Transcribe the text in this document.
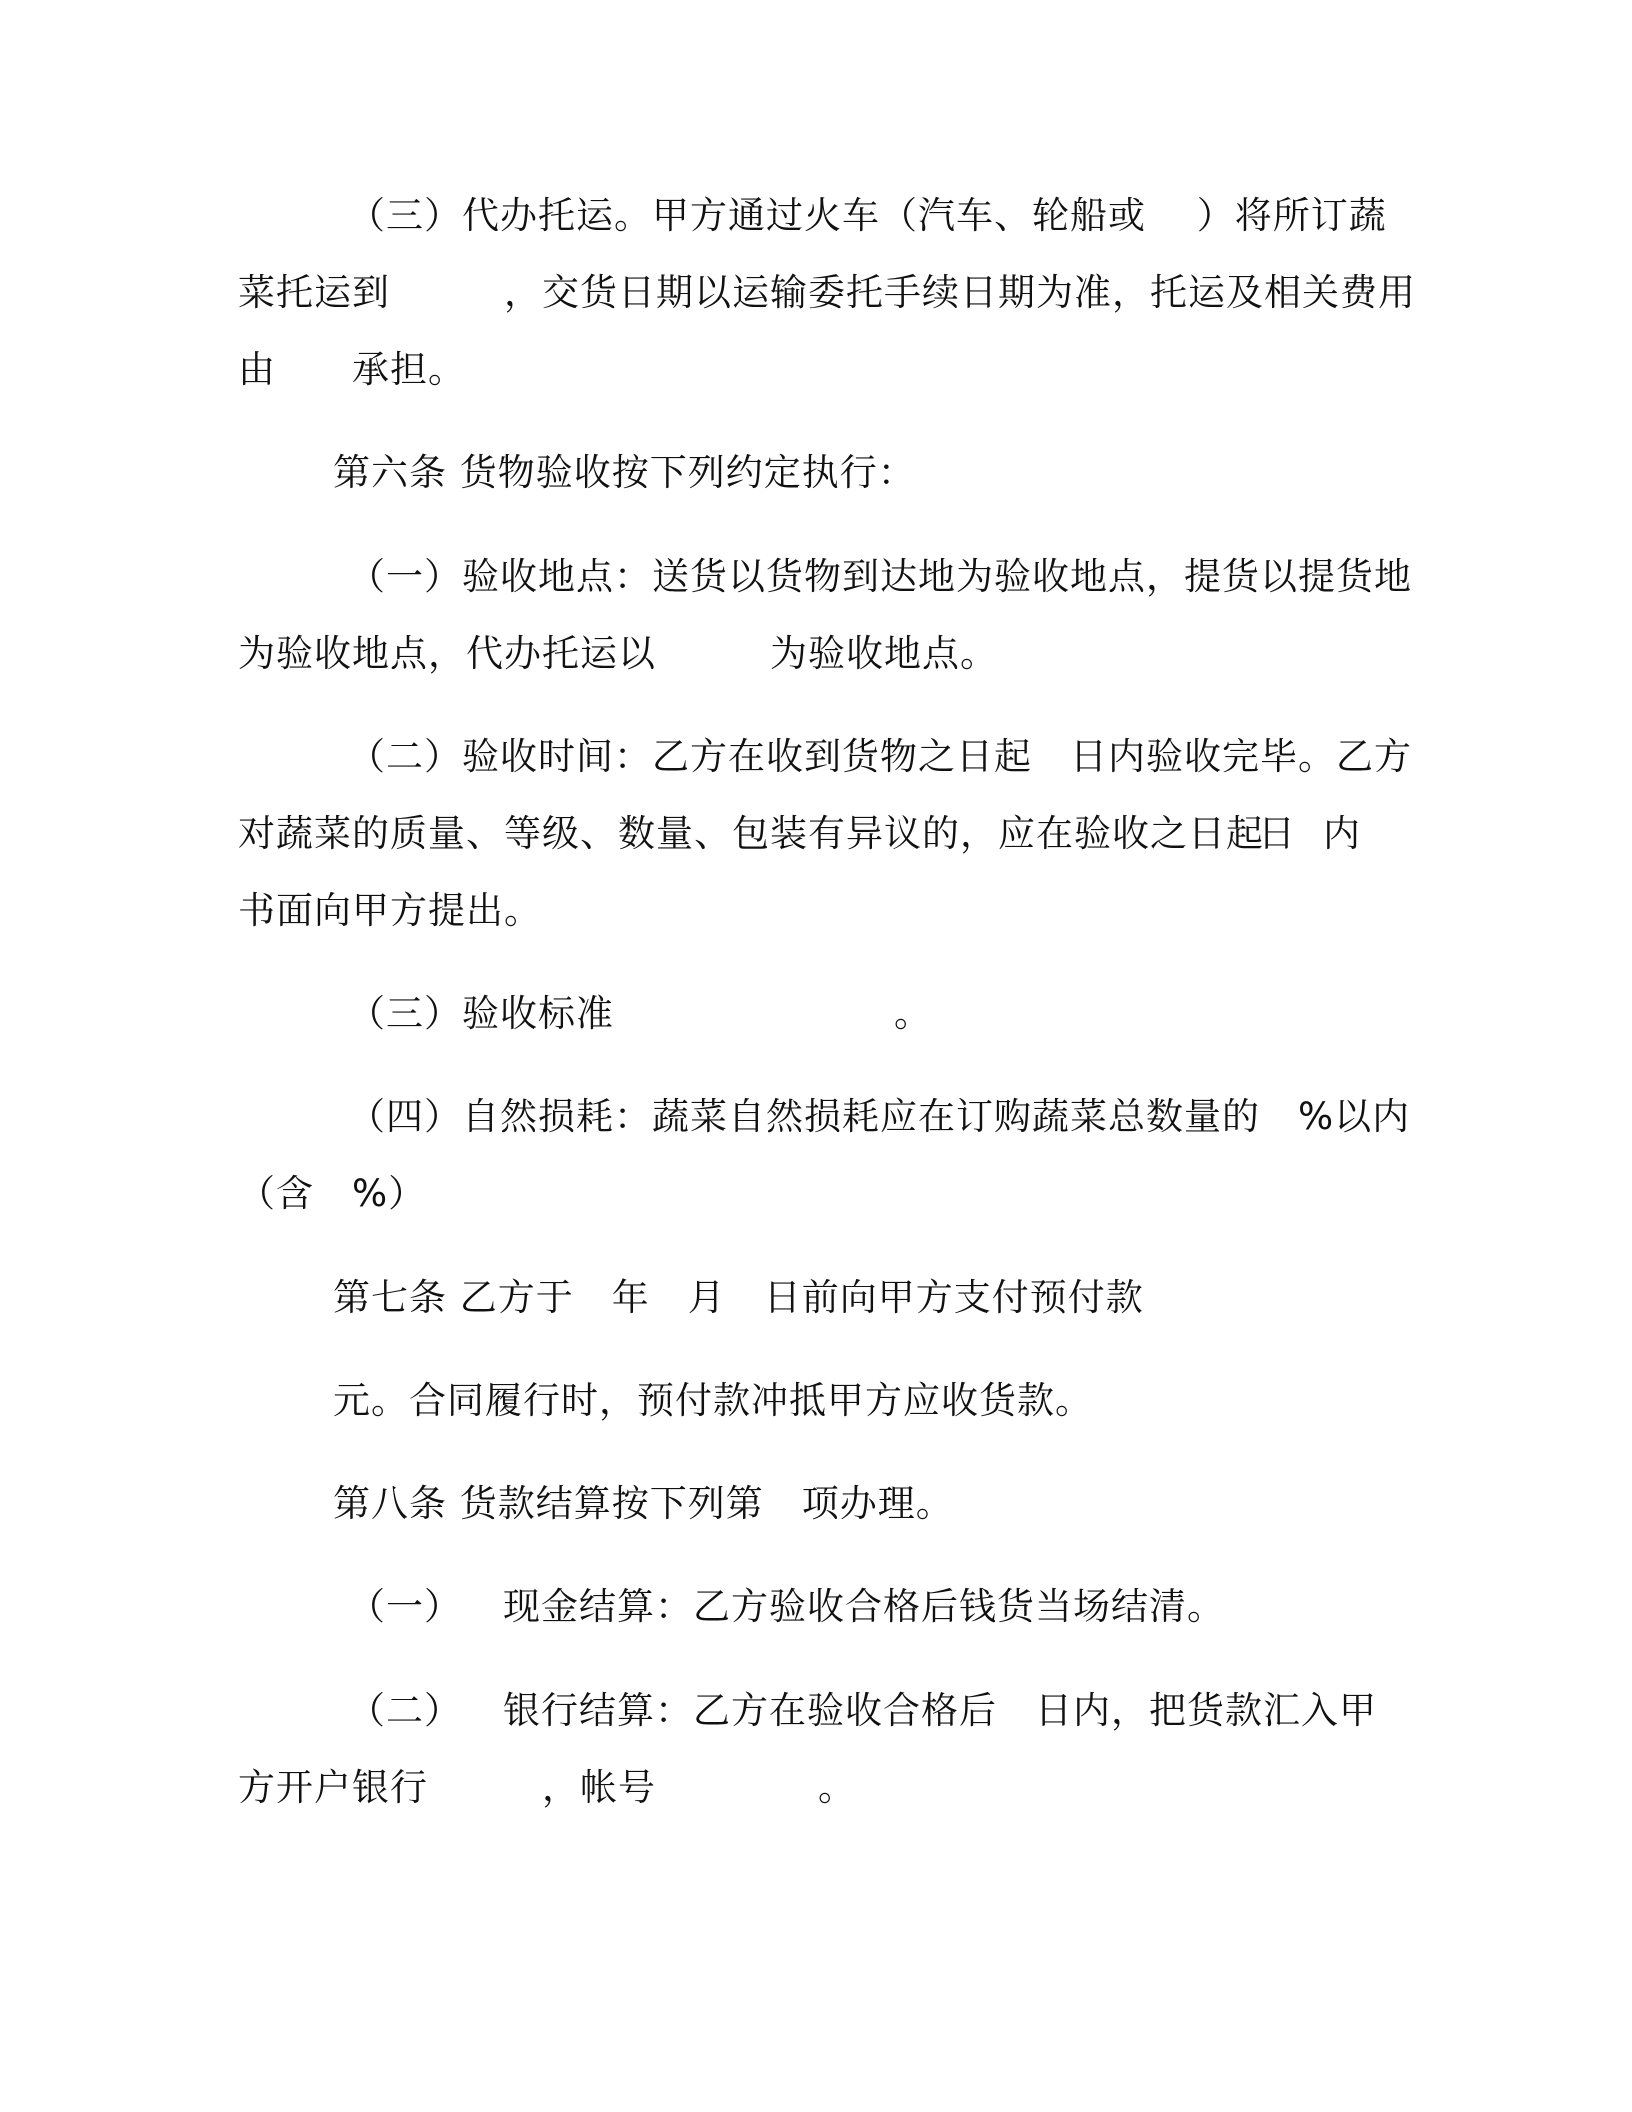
（三）代办托运。甲方通过火车（汽车、轮船或　 ）将所订蔬
菜托运到　　　，交货日期以运输委托手续日期为准，托运及相关费用
由　　承担。
第六条 货物验收按下列约定执行：
（一）验收地点：送货以货物到达地为验收地点，提货以提货地
为验收地点，代办托运以　　　为验收地点。
（二）验收时间：乙方在收到货物之日起　日内验收完毕。乙方

对蔬菜的质量、等级、数量、包装有异议的，应在验收之日起

日

内

书面向甲方提出。

（三）验收标准

	。

（四）自然损耗：蔬菜自然损耗应在订购蔬菜总数量的　%以内
（含　%）
第七条 乙方于　年　月　日前向甲方支付预付款
元。合同履行时，预付款冲抵甲方应收货款。
第八条 货款结算按下列第　项办理。

（一）

现金结算：乙方验收合格后钱货当场结清。

（二）

银行结算：乙方在验收合格后　日内，把货款汇入甲

方开户银行　　　，帐号

	。
